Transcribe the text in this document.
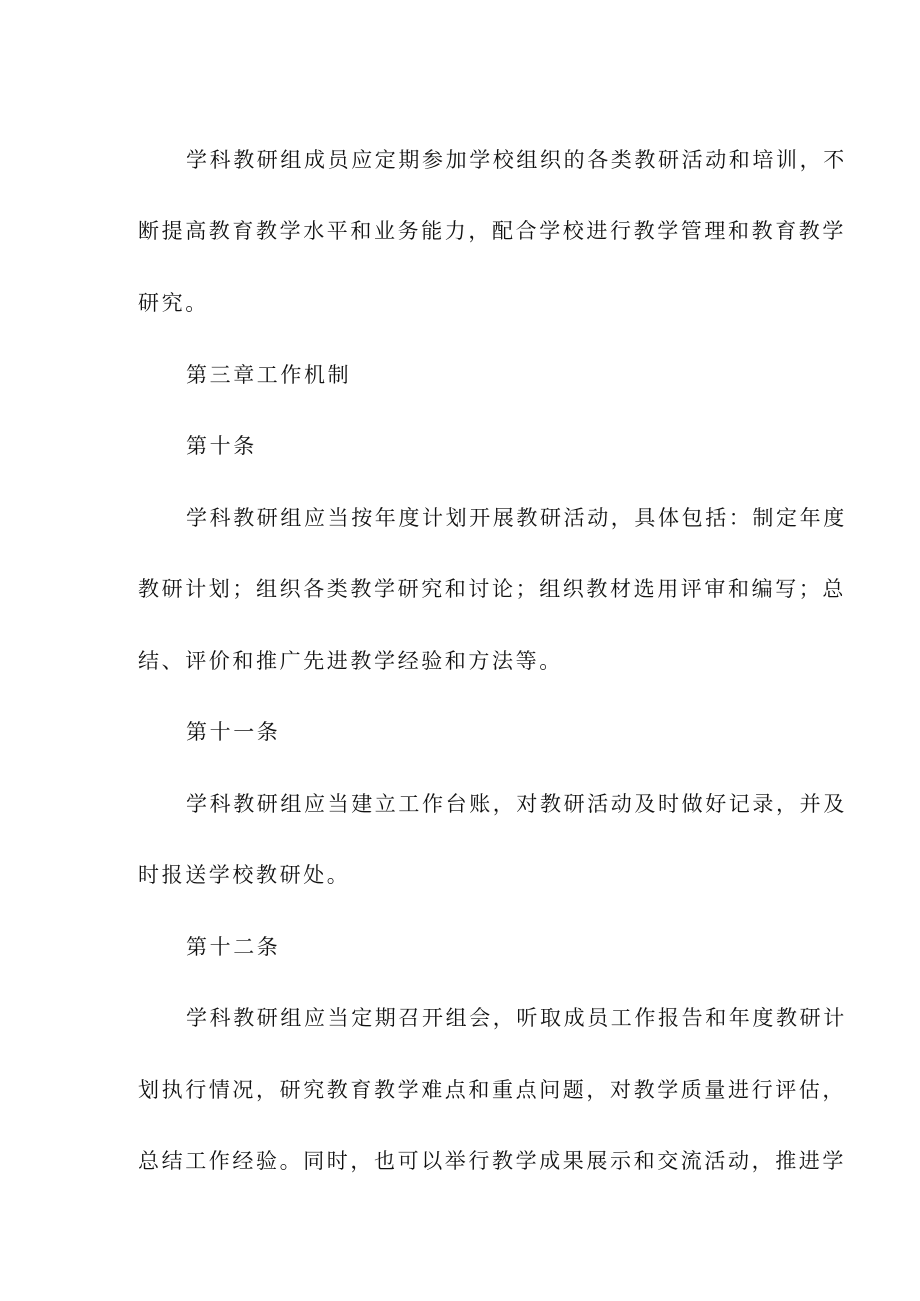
学科教研组成员应定期参加学校组织的各类教研活动和培训，不
断提高教育教学水平和业务能力，配合学校进行教学管理和教育教学
研究。
第三章工作机制
第十条
学科教研组应当按年度计划开展教研活动，具体包括：制定年度
教研计划；组织各类教学研究和讨论；组织教材选用评审和编写；总
结、评价和推广先进教学经验和方法等。
第十一条
学科教研组应当建立工作台账，对教研活动及时做好记录，并及
时报送学校教研处。
第十二条
学科教研组应当定期召开组会，听取成员工作报告和年度教研计
划执行情况，研究教育教学难点和重点问题，对教学质量进行评估，
总结工作经验。同时，也可以举行教学成果展示和交流活动，推进学
